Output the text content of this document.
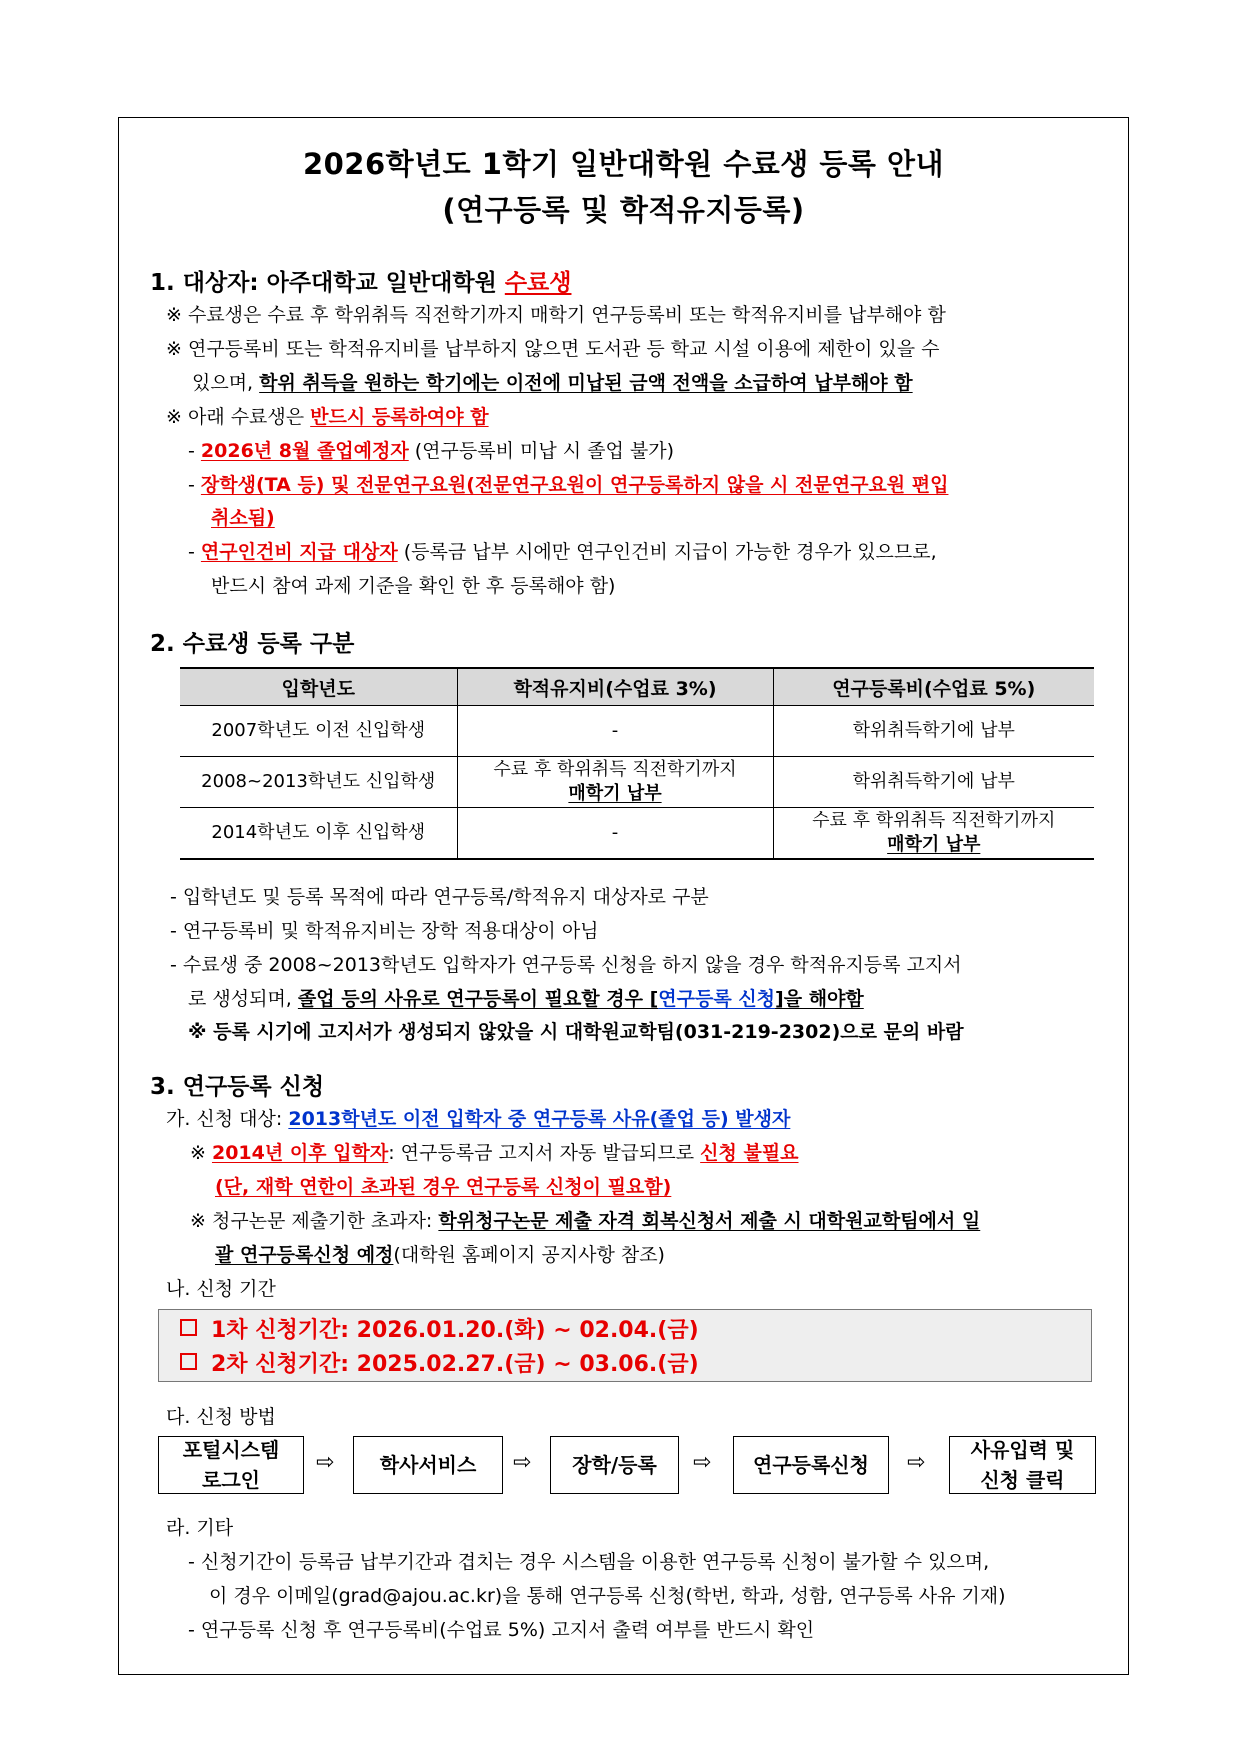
2026학년도 1학기 일반대학원 수료생 등록 안내
(연구등록 및 학적유지등록)
1. 대상자: 아주대학교 일반대학원 수료생
※ 수료생은 수료 후 학위취득 직전학기까지 매학기 연구등록비 또는 학적유지비를 납부해야 함
※ 연구등록비 또는 학적유지비를 납부하지 않으면 도서관 등 학교 시설 이용에 제한이 있을 수
있으며, 학위 취득을 원하는 학기에는 이전에 미납된 금액 전액을 소급하여 납부해야 함
※ 아래 수료생은 반드시 등록하여야 함
- 2026년 8월 졸업예정자 (연구등록비 미납 시 졸업 불가)
- 장학생(TA 등) 및 전문연구요원(전문연구요원이 연구등록하지 않을 시 전문연구요원 편입
취소됨)
- 연구인건비 지급 대상자 (등록금 납부 시에만 연구인건비 지급이 가능한 경우가 있으므로,
반드시 참여 과제 기준을 확인 한 후 등록해야 함)
2. 수료생 등록 구분
입학년도	학적유지비(수업료 3%)	연구등록비(수업료 5%)
2007학년도 이전 신입학생	-	학위취득학기에 납부

2008~2013학년도 신입학생	수료 후 학위취득 직전학기까지
매학기 납부	학위취득학기에 납부

2014학년도 이후 신입학생	-	수료 후 학위취득 직전학기까지
매학기 납부
- 입학년도 및 등록 목적에 따라 연구등록/학적유지 대상자로 구분
- 연구등록비 및 학적유지비는 장학 적용대상이 아님
- 수료생 중 2008~2013학년도 입학자가 연구등록 신청을 하지 않을 경우 학적유지등록 고지서
로 생성되며, 졸업 등의 사유로 연구등록이 필요할 경우 [연구등록 신청]을 해야함
※ 등록 시기에 고지서가 생성되지 않았을 시 대학원교학팀(031-219-2302)으로 문의 바람
3. 연구등록 신청
가. 신청 대상: 2013학년도 이전 입학자 중 연구등록 사유(졸업 등) 발생자
※ 2014년 이후 입학자: 연구등록금 고지서 자동 발급되므로 신청 불필요
(단, 재학 연한이 초과된 경우 연구등록 신청이 필요함)
※ 청구논문 제출기한 초과자: 학위청구논문 제출 자격 회복신청서 제출 시 대학원교학팀에서 일
괄 연구등록신청 예정(대학원 홈페이지 공지사항 참조)
나. 신청 기간
1차 신청기간: 2026.01.20.(화) ~ 02.04.(금)
2차 신청기간: 2025.02.27.(금) ~ 03.06.(금)
다. 신청 방법
포털시스템
로그인
⇨	학사서비스	⇨	장학/등록	⇨	연구등록신청	⇨ 사유입력 및
신청 클릭
라. 기타
- 신청기간이 등록금 납부기간과 겹치는 경우 시스템을 이용한 연구등록 신청이 불가할 수 있으며,
이 경우 이메일(grad@ajou.ac.kr)을 통해 연구등록 신청(학번, 학과, 성함, 연구등록 사유 기재)
- 연구등록 신청 후 연구등록비(수업료 5%) 고지서 출력 여부를 반드시 확인
